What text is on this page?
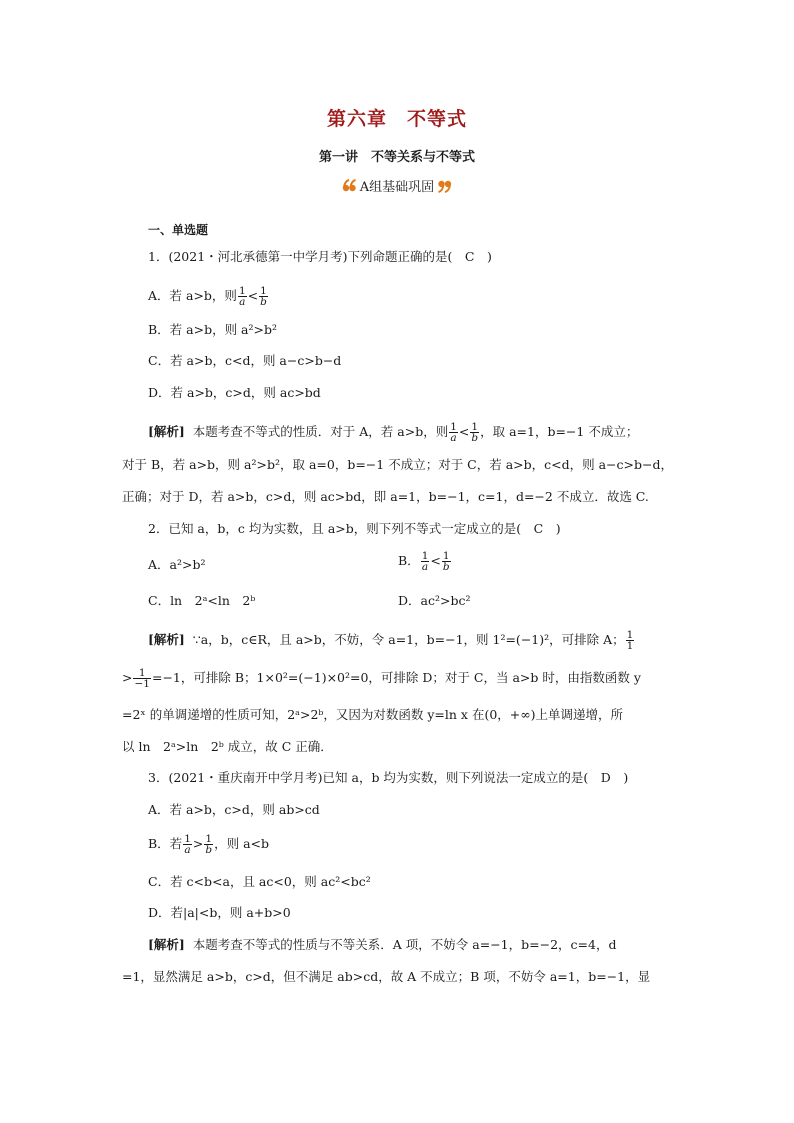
第六章　不等式
第一讲　不等关系与不等式
A组基础巩固
一、单选题
1．(2021・河北承德第一中学月考)下列命题正确的是(　C　)
A．若 a>b，则 $\frac{1}{a} < \frac{1}{b}$
B．若 a>b，则 a²>b²
C．若 a>b，c<d，则 a−c>b−d
D．若 a>b，c>d，则 ac>bd
[解析] 本题考查不等式的性质．对于 A，若 a>b，则 $\frac{1}{a} < \frac{1}{b}$ ，取 a=1，b=−1 不成立；
对于 B，若 a>b，则 a²>b²，取 a=0，b=−1 不成立；对于 C，若 a>b，c<d，则 a−c>b−d，
正确；对于 D，若 a>b，c>d，则 ac>bd，即 a=1，b=−1，c=1，d=−2 不成立．故选 C.
2．已知 a，b，c 均为实数，且 a>b，则下列不等式一定成立的是(　C　)
A．a²>b²	B． $\frac{1}{a} < \frac{1}{b}$
C．ln　2ᵃ<ln　2ᵇ	D．ac²>bc²
[解析] ∵a，b，c∈R，且 a>b，不妨，令 a=1，b=−1，则 1²=(−1)²，可排除 A； $\frac{1}{1}$
> $\frac{1}{-1} =-1$，可排除 B；1×0²=(−1)×0²=0，可排除 D；对于 C，当 a>b 时，由指数函数 y
=2ˣ 的单调递增的性质可知，2ᵃ>2ᵇ，又因为对数函数 y=ln x 在(0，+∞)上单调递增，所
以 ln　2ᵃ>ln　2ᵇ 成立，故 C 正确．
3．(2021・重庆南开中学月考)已知 a，b 均为实数，则下列说法一定成立的是(　D　)
A．若 a>b，c>d，则 ab>cd
B．若 $\frac{1}{a} > \frac{1}{b}$ ，则 a<b
C．若 c<b<a，且 ac<0，则 ac²<bc²
D．若|a|<b，则 a+b>0
[解析] 本题考查不等式的性质与不等关系．A 项，不妨令 a=−1，b=−2，c=4，d
=1，显然满足 a>b，c>d，但不满足 ab>cd，故 A 不成立；B 项，不妨令 a=1，b=−1，显
